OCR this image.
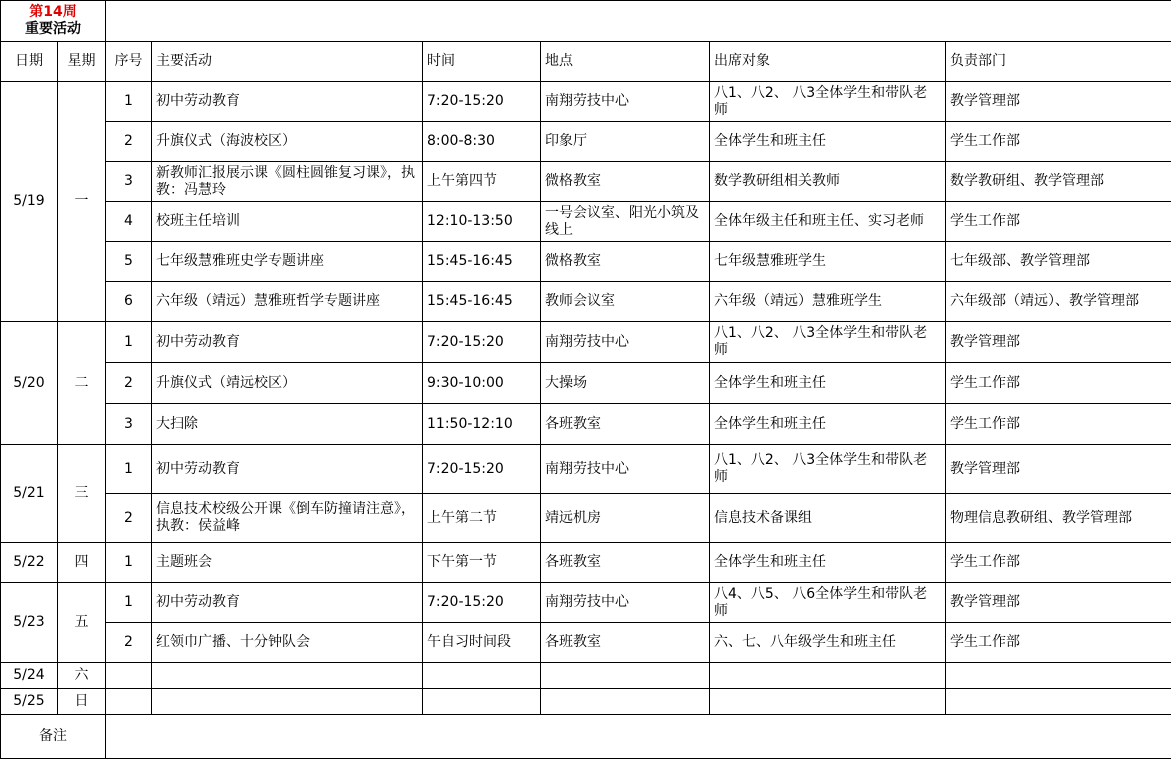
第14周
重要活动							

日期	星期	序号	主要活动	时间	地点	出席对象	负责部门
5/19	一	1	初中劳动教育	7:20-15:20	南翔劳技中心	八1、八2、 八3全体学生和带队老师	教学管理部
		2	升旗仪式（海波校区）	8:00-8:30	印象厅	全体学生和班主任	学生工作部
		3	新教师汇报展示课《圆柱圆锥复习课》，执教：冯慧玲	上午第四节	微格教室	数学教研组相关教师	数学教研组、教学管理部
		4	校班主任培训	12:10-13:50	一号会议室、阳光小筑及线上	全体年级主任和班主任、实习老师	学生工作部
		5	七年级慧雅班史学专题讲座	15:45-16:45	微格教室	七年级慧雅班学生	七年级部、教学管理部
		6	六年级（靖远）慧雅班哲学专题讲座	15:45-16:45	教师会议室	六年级（靖远）慧雅班学生	六年级部（靖远）、教学管理部
5/20	二	1	初中劳动教育	7:20-15:20	南翔劳技中心	八1、八2、 八3全体学生和带队老师	教学管理部
		2	升旗仪式（靖远校区）	9:30-10:00	大操场	全体学生和班主任	学生工作部
		3	大扫除	11:50-12:10	各班教室	全体学生和班主任	学生工作部
5/21	三	1	初中劳动教育	7:20-15:20	南翔劳技中心	八1、八2、 八3全体学生和带队老师	教学管理部
		2	信息技术校级公开课《倒车防撞请注意》，执教：侯益峰	上午第二节	靖远机房	信息技术备课组	物理信息教研组、教学管理部
5/22	四	1	主题班会	下午第一节	各班教室	全体学生和班主任	学生工作部
5/23	五	1	初中劳动教育	7:20-15:20	南翔劳技中心	八4、八5、 八6全体学生和带队老师	教学管理部
		2	红领巾广播、十分钟队会	午自习时间段	各班教室	六、七、八年级学生和班主任	学生工作部
5/24	六						
5/25	日						
备注							
